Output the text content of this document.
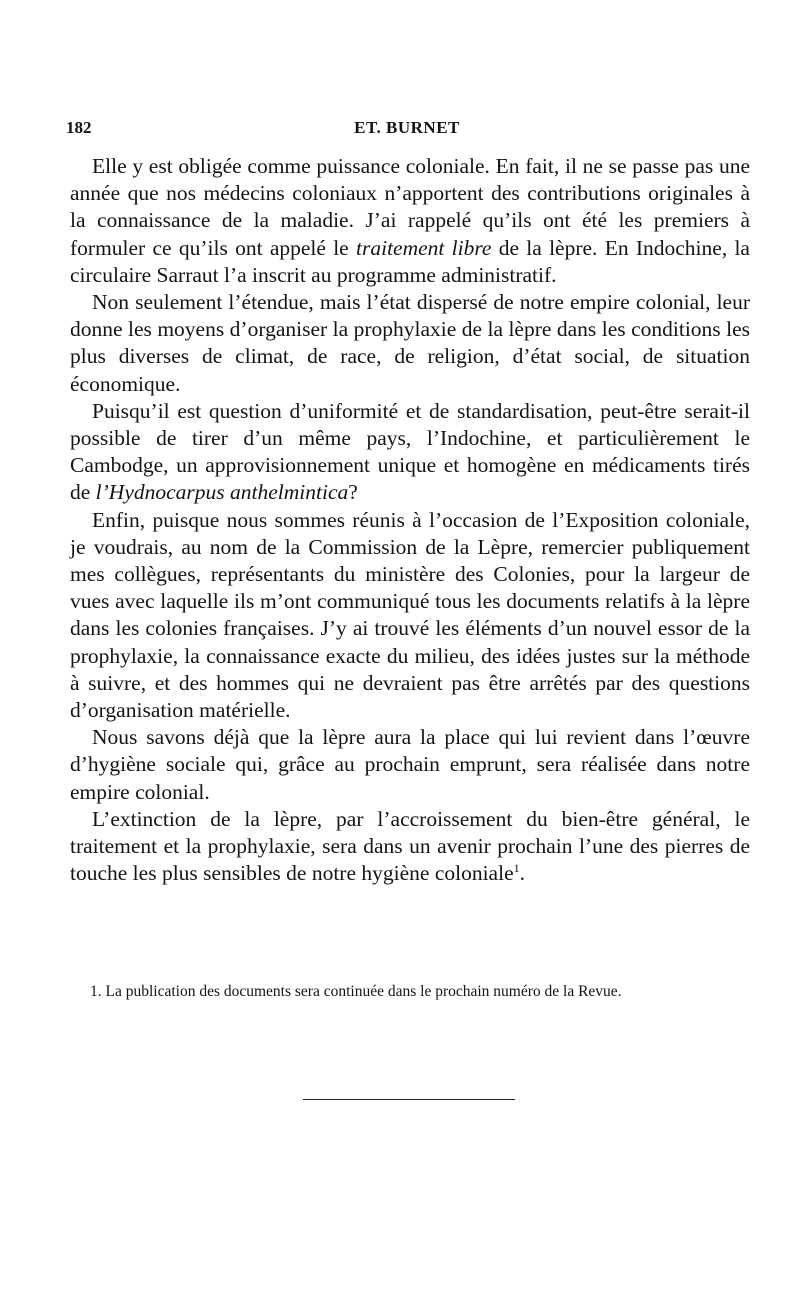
182	ET. BURNET

Elle y est obligée comme puissance coloniale. En fait, il ne se passe pas une année que nos médecins coloniaux n’apportent des contributions originales à la connaissance de la maladie. J’ai rappelé qu’ils ont été les premiers à formuler ce qu’ils ont appelé le traitement libre de la lèpre. En Indochine, la circulaire Sarraut l’a inscrit au programme administratif.

Non seulement l’étendue, mais l’état dispersé de notre empire colonial, leur donne les moyens d’organiser la prophylaxie de la lèpre dans les conditions les plus diverses de climat, de race, de religion, d’état social, de situation économique.

Puisqu’il est question d’uniformité et de standardisation, peut-être serait-il possible de tirer d’un même pays, l’Indochine, et particulièrement le Cambodge, un approvisionnement unique et homogène en médicaments tirés de l’Hydnocarpus anthelmintica?

Enfin, puisque nous sommes réunis à l’occasion de l’Exposition coloniale, je voudrais, au nom de la Commission de la Lèpre, remercier publiquement mes collègues, représentants du ministère des Colonies, pour la largeur de vues avec laquelle ils m’ont communiqué tous les documents relatifs à la lèpre dans les colonies françaises. J’y ai trouvé les éléments d’un nouvel essor de la prophylaxie, la connaissance exacte du milieu, des idées justes sur la méthode à suivre, et des hommes qui ne devraient pas être arrêtés par des questions d’organisation matérielle.

Nous savons déjà que la lèpre aura la place qui lui revient dans l’œuvre d’hygiène sociale qui, grâce au prochain emprunt, sera réalisée dans notre empire colonial.

L’extinction de la lèpre, par l’accroissement du bien-être général, le traitement et la prophylaxie, sera dans un avenir prochain l’une des pierres de touche les plus sensibles de notre hygiène coloniale$^1$.

1. La publication des documents sera continuée dans le prochain numéro de la Revue.
